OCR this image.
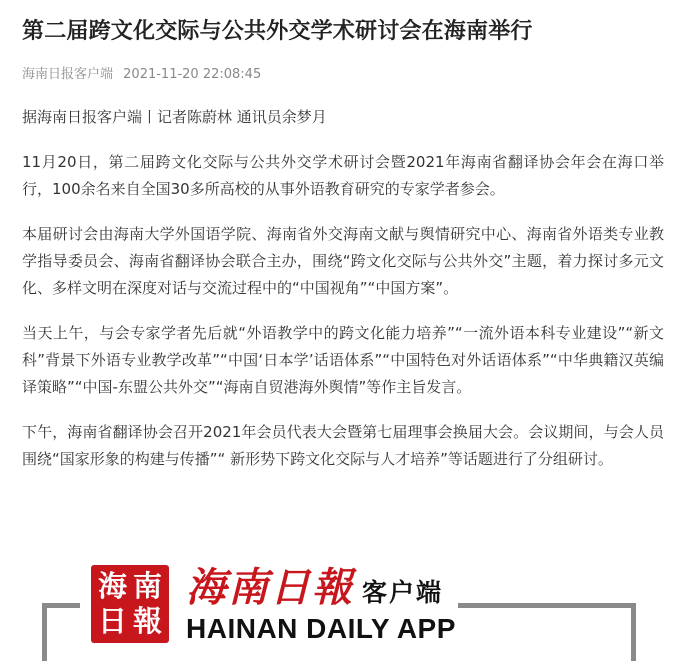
第二届跨文化交际与公共外交学术研讨会在海南举行
海南日报客户端 2021-11-20 22:08:45

据海南日报客户端丨记者陈蔚林 通讯员余梦月

11月20日，第二届跨文化交际与公共外交学术研讨会暨2021年海南省翻译协会年会在海口举行，100余名来自全国30多所高校的从事外语教育研究的专家学者参会。

本届研讨会由海南大学外国语学院、海南省外交海南文献与舆情研究中心、海南省外语类专业教学指导委员会、海南省翻译协会联合主办，围绕“跨文化交际与公共外交”主题，着力探讨多元文化、多样文明在深度对话与交流过程中的“中国视角”“中国方案”。

当天上午，与会专家学者先后就“外语教学中的跨文化能力培养”“一流外语本科专业建设”“新文科”背景下外语专业教学改革”“中国‘日本学’话语体系”“中国特色对外话语体系”“中华典籍汉英编译策略”“中国-东盟公共外交”“海南自贸港海外舆情”等作主旨发言。

下午，海南省翻译协会召开2021年会员代表大会暨第七届理事会换届大会。会议期间，与会人员围绕“国家形象的构建与传播”“ 新形势下跨文化交际与人才培养”等话题进行了分组研讨。

海 南
日 報
海南日報 客户端
HAINAN DAILY APP
